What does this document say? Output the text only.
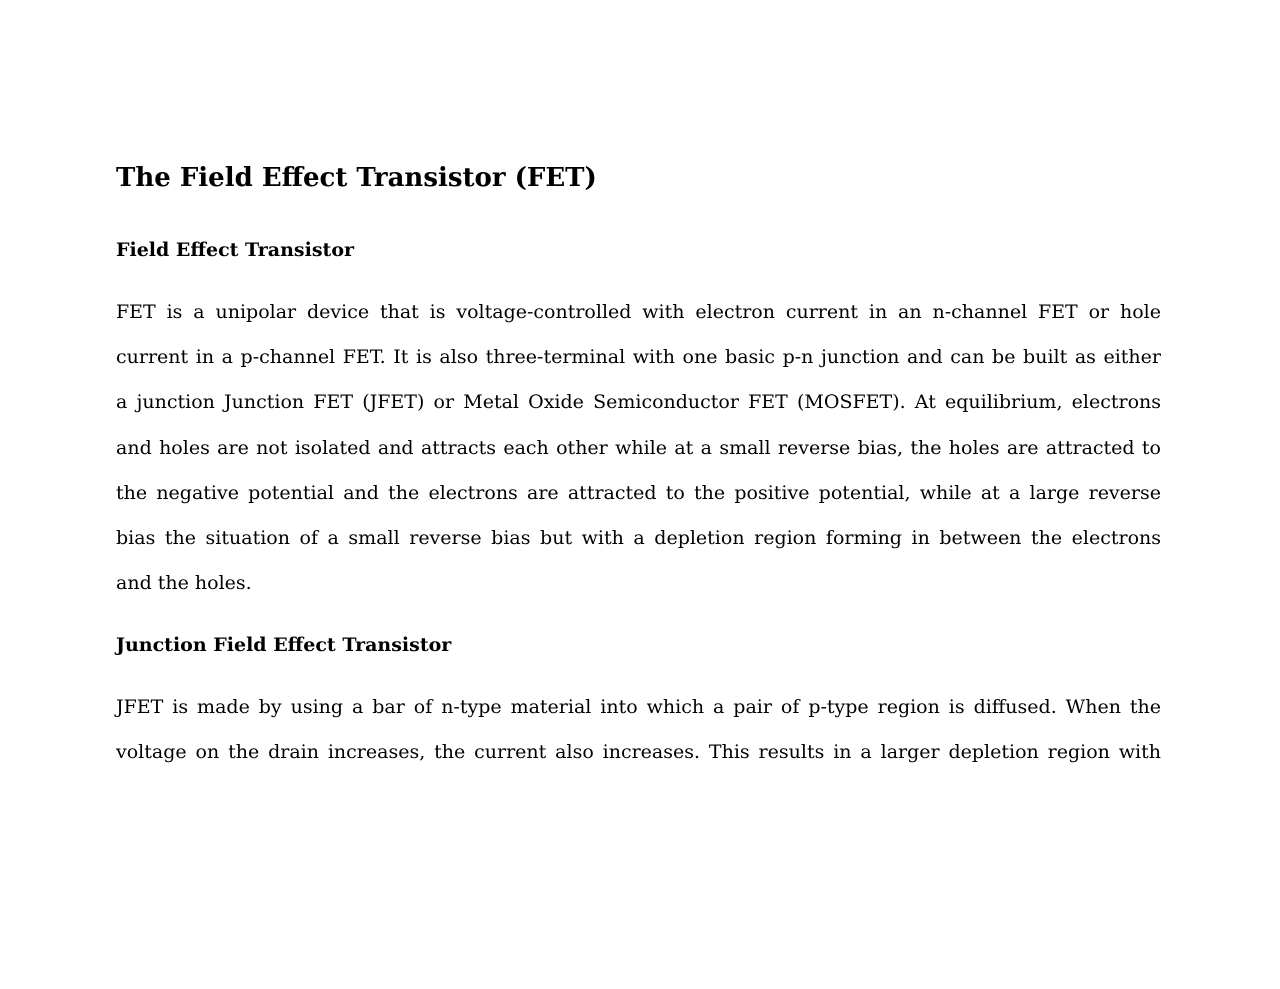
The Field Effect Transistor (FET)
Field Effect Transistor
FET is a unipolar device that is voltage-controlled with electron current in an n-channel FET or hole
current in a p-channel FET. It is also three-terminal with one basic p-n junction and can be built as either
a junction Junction FET (JFET) or Metal Oxide Semiconductor FET (MOSFET). At equilibrium, electrons
and holes are not isolated and attracts each other while at a small reverse bias, the holes are attracted to
the negative potential and the electrons are attracted to the positive potential, while at a large reverse
bias the situation of a small reverse bias but with a depletion region forming in between the electrons
and the holes.
Junction Field Effect Transistor
JFET is made by using a bar of n-type material into which a pair of p-type region is diffused. When the
voltage on the drain increases, the current also increases. This results in a larger depletion region with
